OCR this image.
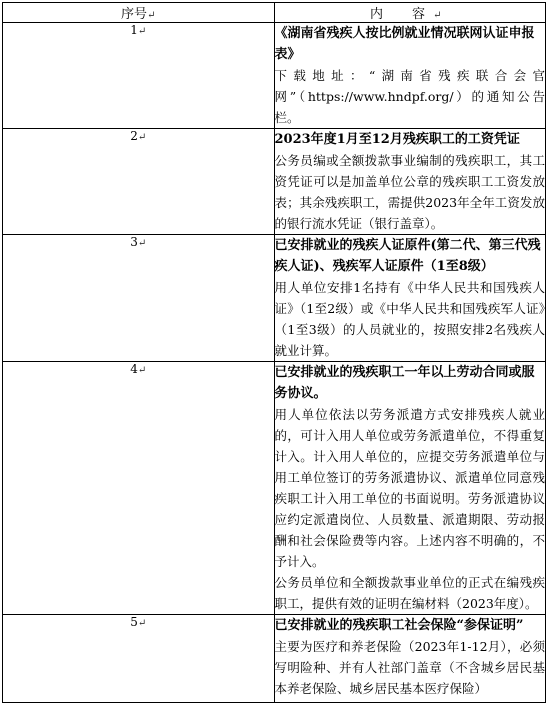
序号↵	内　容↵
1↵	《湖南省残疾人按比例就业情况联网认证申报表》
下载地址：“湖南省残疾联合会官网”（https://www.hndpf.org/）的通知公告栏。

2↵	2023年度1月至12月残疾职工的工资凭证
公务员编或全额拨款事业编制的残疾职工，其工资凭证可以是加盖单位公章的残疾职工工资发放表；其余残疾职工，需提供2023年全年工资发放的银行流水凭证（银行盖章）。

3↵	已安排就业的残疾人证原件(第二代、第三代残疾人证)、残疾军人证原件（1至8级）
用人单位安排1名持有《中华人民共和国残疾人证》（1至2级）或《中华人民共和国残疾军人证》（1至3级）的人员就业的，按照安排2名残疾人就业计算。

4↵	已安排就业的残疾职工一年以上劳动合同或服务协议。
用人单位依法以劳务派遣方式安排残疾人就业的，可计入用人单位或劳务派遣单位，不得重复计入。计入用人单位的，应提交劳务派遣单位与用工单位签订的劳务派遣协议、派遣单位同意残疾职工计入用工单位的书面说明。劳务派遣协议应约定派遣岗位、人员数量、派遣期限、劳动报酬和社会保险费等内容。上述内容不明确的，不予计入。
公务员单位和全额拨款事业单位的正式在编残疾职工，提供有效的证明在编材料（2023年度）。

5↵	已安排就业的残疾职工社会保险“参保证明”
主要为医疗和养老保险（2023年1-12月），必须写明险种、并有人社部门盖章（不含城乡居民基本养老保险、城乡居民基本医疗保险）
